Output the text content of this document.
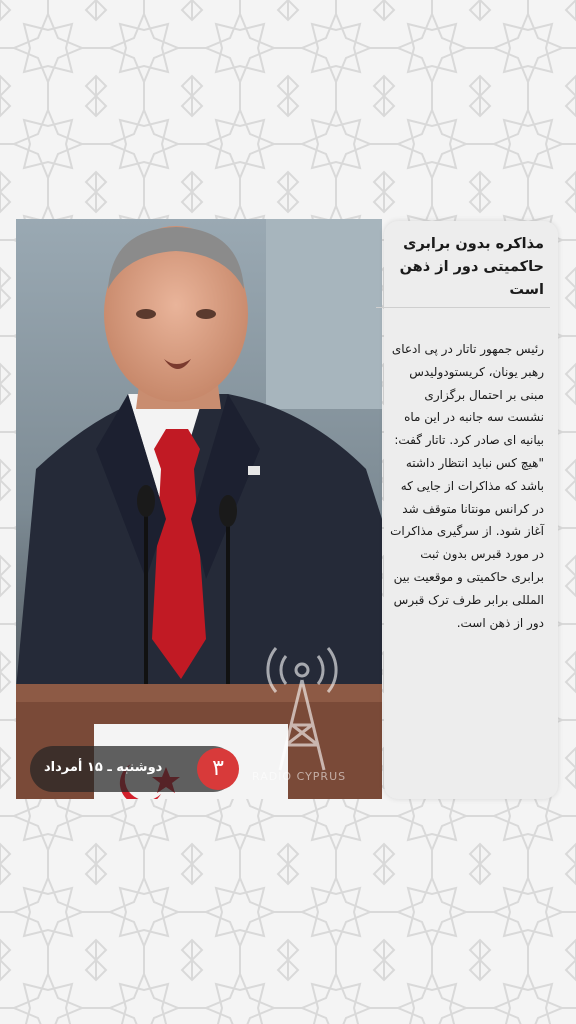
RADIO CYPRUS
دوشنبه ـ ۱۵ أمرداد	۳
مذاکره بدون برابری حاکمیتی دور از ذهن است

رئیس جمهور تاتار در پی ادعای رهبر یونان، کریستودولیدس مبنی بر احتمال برگزاری نشست سه جانبه در این ماه بیانیه ای صادر کرد. تاتار گفت: "هیچ کس نباید انتظار داشته باشد که مذاکرات از جایی که در کرانس مونتانا متوقف شد آغاز شود. از سرگیری مذاکرات در مورد قبرس بدون ثبت برابری حاکمیتی و موقعیت بین المللی برابر طرف ترک قبرس دور از ذهن است.
